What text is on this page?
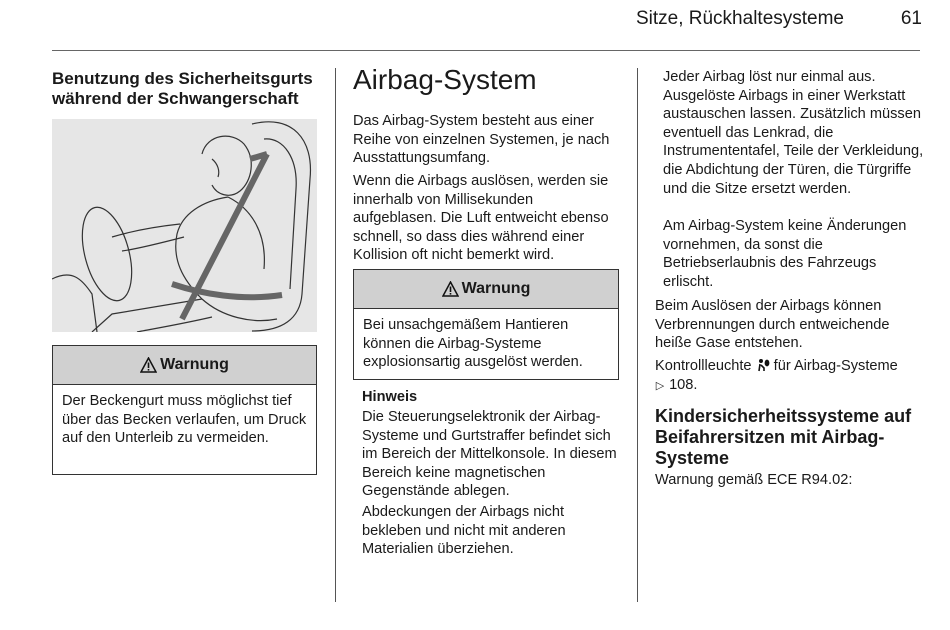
Sitze, Rückhaltesysteme	61
Benutzung des Sicherheitsgurts während der Schwangerschaft
Warnung
Der Beckengurt muss möglichst tief über das Becken verlaufen, um Druck auf den Unterleib zu vermeiden.
Airbag-System

Das Airbag-System besteht aus einer Reihe von einzelnen Systemen, je nach Ausstattungsumfang.

Wenn die Airbags auslösen, werden sie innerhalb von Millisekunden aufgeblasen. Die Luft entweicht ebenso schnell, so dass dies während einer Kollision oft nicht bemerkt wird.

Warnung
Bei unsachgemäßem Hantieren können die Airbag-Systeme explosionsartig ausgelöst werden.
Hinweis

Die Steuerungselektronik der Airbag-Systeme und Gurtstraffer befindet sich im Bereich der Mittelkonsole. In diesem Bereich keine magnetischen Gegenstände ablegen.

Abdeckungen der Airbags nicht bekleben und nicht mit anderen Materialien überziehen.

Jeder Airbag löst nur einmal aus. Ausgelöste Airbags in einer Werkstatt austauschen lassen. Zusätzlich müssen eventuell das Lenkrad, die Instrumententafel, Teile der Verkleidung, die Abdichtung der Türen, die Türgriffe und die Sitze ersetzt werden.

Am Airbag-System keine Änderungen vornehmen, da sonst die Betriebserlaubnis des Fahrzeugs erlischt.

Beim Auslösen der Airbags können Verbrennungen durch entweichende heiße Gase entstehen.

Kontrollleuchte für Airbag-Systeme
▷ 108.

Kindersicherheitssysteme auf Beifahrersitzen mit Airbag-Systeme

Warnung gemäß ECE R94.02:
